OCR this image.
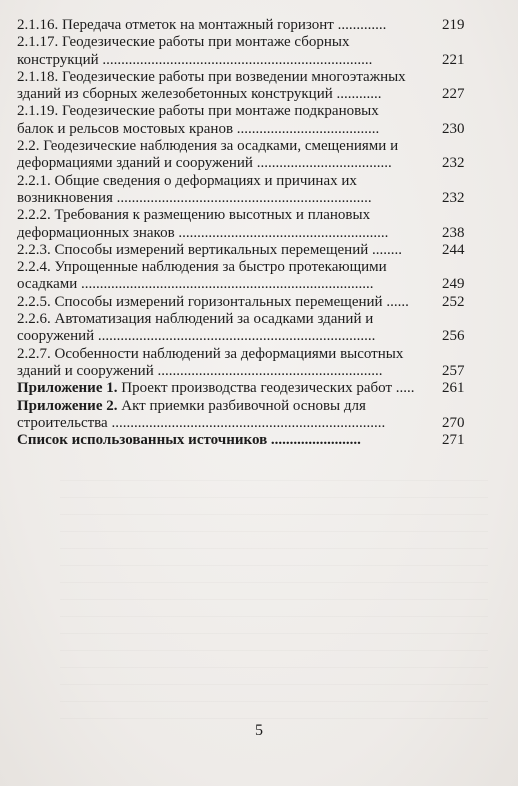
2.1.16. Передача отметок на монтажный горизонт .............	219
2.1.17. Геодезические работы при монтаже сборных
конструкций ........................................................................	221
2.1.18. Геодезические работы при возведении многоэтажных
зданий из сборных железобетонных конструкций ............	227
2.1.19. Геодезические работы при монтаже подкрановых
балок и рельсов мостовых кранов ......................................	230
2.2. Геодезические наблюдения за осадками, смещениями и
деформациями зданий и сооружений ....................................	232
2.2.1. Общие сведения о деформациях и причинах их
возникновения ....................................................................	232
2.2.2. Требования к размещению высотных и плановых
деформационных знаков ........................................................	238
2.2.3. Способы измерений вертикальных перемещений ........	244
2.2.4. Упрощенные наблюдения за быстро протекающими
осадками ..............................................................................	249
2.2.5. Способы измерений горизонтальных перемещений ...... 252
2.2.6. Автоматизация наблюдений за осадками зданий и
сооружений ..........................................................................	256
2.2.7. Особенности наблюдений за деформациями высотных
зданий и сооружений ............................................................	257
Приложение 1. Проект производства геодезических работ ..... 261
Приложение 2. Акт приемки разбивочной основы для
строительства .........................................................................	270
Список использованных источников ........................	271
5
